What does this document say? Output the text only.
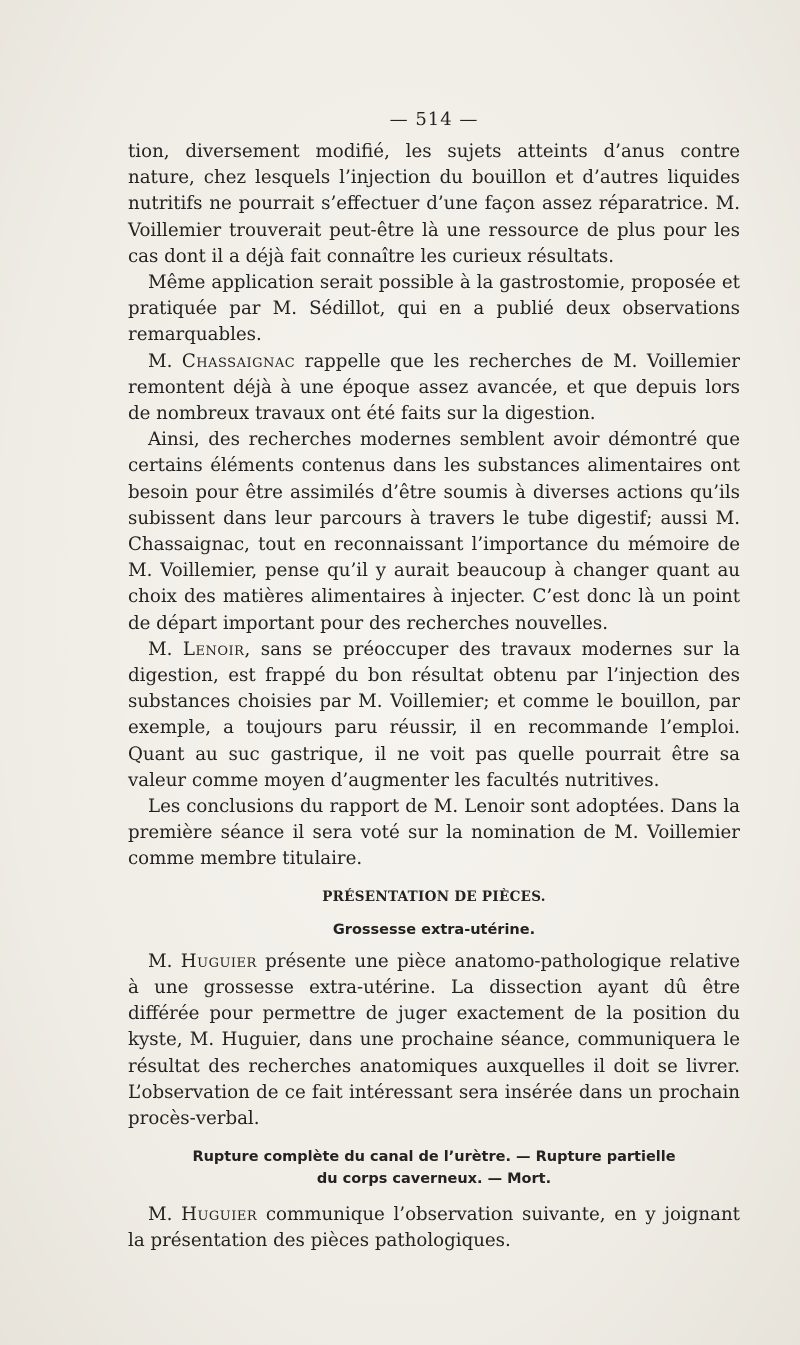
— 514 —

tion, diversement modifié, les sujets atteints d’anus contre nature, chez lesquels l’injection du bouillon et d’autres liquides nutritifs ne pourrait s’effectuer d’une façon assez réparatrice. M. Voillemier trouverait peut-être là une ressource de plus pour les cas dont il a déjà fait connaître les curieux résultats.

Même application serait possible à la gastrostomie, proposée et pratiquée par M. Sédillot, qui en a publié deux observations remarquables.

M. Chassaignac rappelle que les recherches de M. Voillemier remontent déjà à une époque assez avancée, et que depuis lors de nombreux travaux ont été faits sur la digestion.

Ainsi, des recherches modernes semblent avoir démontré que certains éléments contenus dans les substances alimentaires ont besoin pour être assimilés d’être soumis à diverses actions qu’ils subissent dans leur parcours à travers le tube digestif; aussi M. Chassaignac, tout en reconnaissant l’importance du mémoire de M. Voillemier, pense qu’il y aurait beaucoup à changer quant au choix des matières alimentaires à injecter. C’est donc là un point de départ important pour des recherches nouvelles.

M. Lenoir, sans se préoccuper des travaux modernes sur la digestion, est frappé du bon résultat obtenu par l’injection des substances choisies par M. Voillemier; et comme le bouillon, par exemple, a toujours paru réussir, il en recommande l’emploi. Quant au suc gastrique, il ne voit pas quelle pourrait être sa valeur comme moyen d’augmenter les facultés nutritives.

Les conclusions du rapport de M. Lenoir sont adoptées. Dans la première séance il sera voté sur la nomination de M. Voillemier comme membre titulaire.

PRÉSENTATION DE PIÈCES.
Grossesse extra-utérine.

M. Huguier présente une pièce anatomo-pathologique relative à une grossesse extra-utérine. La dissection ayant dû être différée pour permettre de juger exactement de la position du kyste, M. Huguier, dans une prochaine séance, communiquera le résultat des recherches anatomiques auxquelles il doit se livrer. L’observation de ce fait intéressant sera insérée dans un prochain procès-verbal.

Rupture complète du canal de l’urètre. — Rupture partielle
du corps caverneux. — Mort.

M. Huguier communique l’observation suivante, en y joignant la présentation des pièces pathologiques.
